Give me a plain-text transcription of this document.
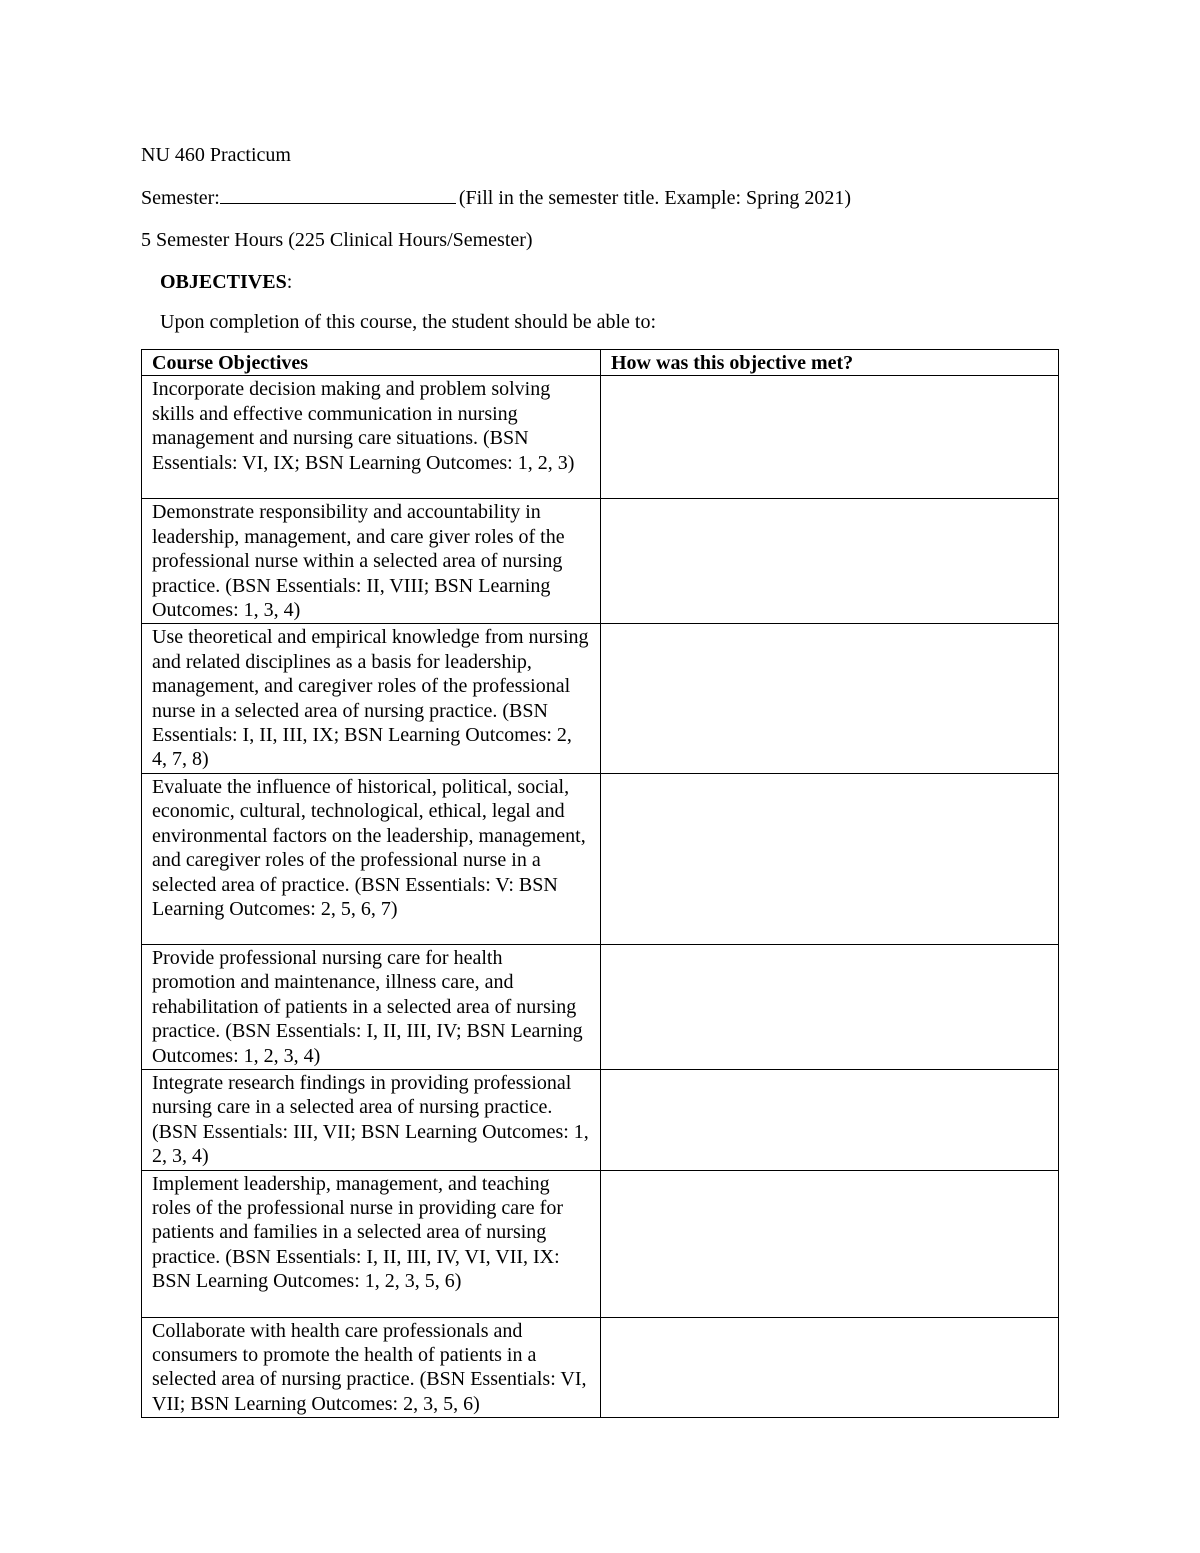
NU 460 Practicum
Semester:	(Fill in the semester title. Example: Spring 2021)
5 Semester Hours (225 Clinical Hours/Semester)
OBJECTIVES:
Upon completion of this course, the student should be able to:
Course Objectives	How was this objective met?
Incorporate decision making and problem solving skills and effective communication in nursing management and nursing care situations. (BSN Essentials: VI, IX; BSN Learning Outcomes: 1, 2, 3)	
Demonstrate responsibility and accountability in leadership, management, and care giver roles of the professional nurse within a selected area of nursing practice. (BSN Essentials: II, VIII; BSN Learning Outcomes: 1, 3, 4)	
Use theoretical and empirical knowledge from nursing and related disciplines as a basis for leadership, management, and caregiver roles of the professional nurse in a selected area of nursing practice. (BSN Essentials: I, II, III, IX; BSN Learning Outcomes: 2, 4, 7, 8)	
Evaluate the influence of historical, political, social, economic, cultural, technological, ethical, legal and environmental factors on the leadership, management, and caregiver roles of the professional nurse in a selected area of practice. (BSN Essentials: V: BSN Learning Outcomes: 2, 5, 6, 7)	
Provide professional nursing care for health promotion and maintenance, illness care, and rehabilitation of patients in a selected area of nursing practice. (BSN Essentials: I, II, III, IV; BSN Learning Outcomes: 1, 2, 3, 4)	
Integrate research findings in providing professional nursing care in a selected area of nursing practice. (BSN Essentials: III, VII; BSN Learning Outcomes: 1, 2, 3, 4)	
Implement leadership, management, and teaching roles of the professional nurse in providing care for patients and families in a selected area of nursing practice. (BSN Essentials: I, II, III, IV, VI, VII, IX: BSN Learning Outcomes: 1, 2, 3, 5, 6)	
Collaborate with health care professionals and consumers to promote the health of patients in a selected area of nursing practice. (BSN Essentials: VI, VII; BSN Learning Outcomes: 2, 3, 5, 6)	
